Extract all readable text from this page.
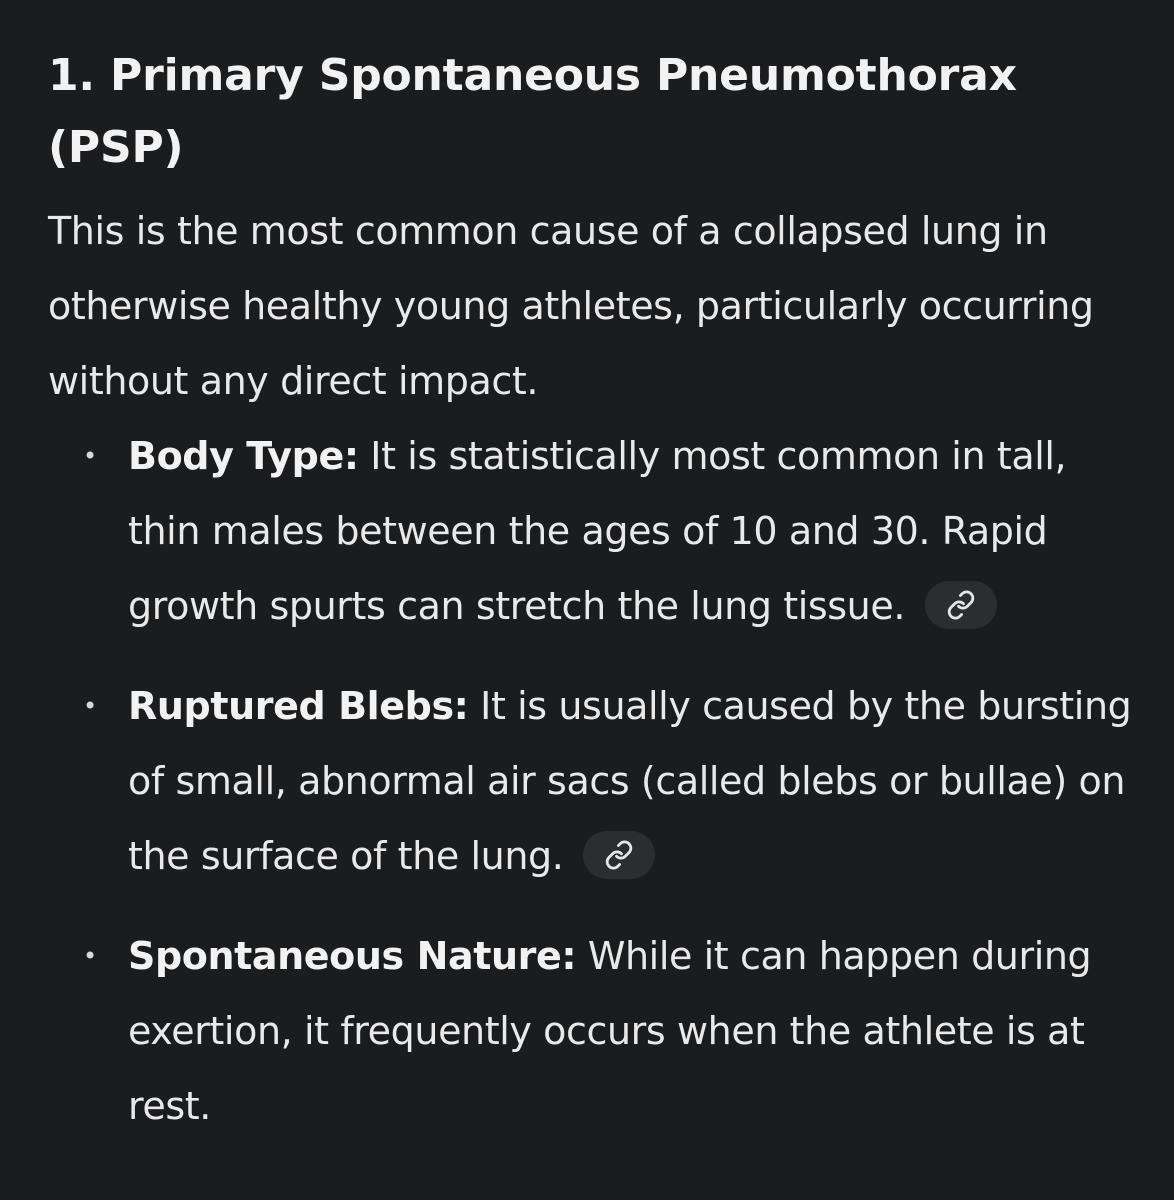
1. Primary Spontaneous Pneumothorax (PSP)

This is the most common cause of a collapsed lung in otherwise healthy young athletes, particularly occurring without any direct impact.

• Body Type: It is statistically most common in tall, thin males between the ages of 10 and 30. Rapid growth spurts can stretch the lung tissue.
• Ruptured Blebs: It is usually caused by the bursting of small, abnormal air sacs (called blebs or bullae) on the surface of the lung.
• Spontaneous Nature: While it can happen during exertion, it frequently occurs when the athlete is at rest.
